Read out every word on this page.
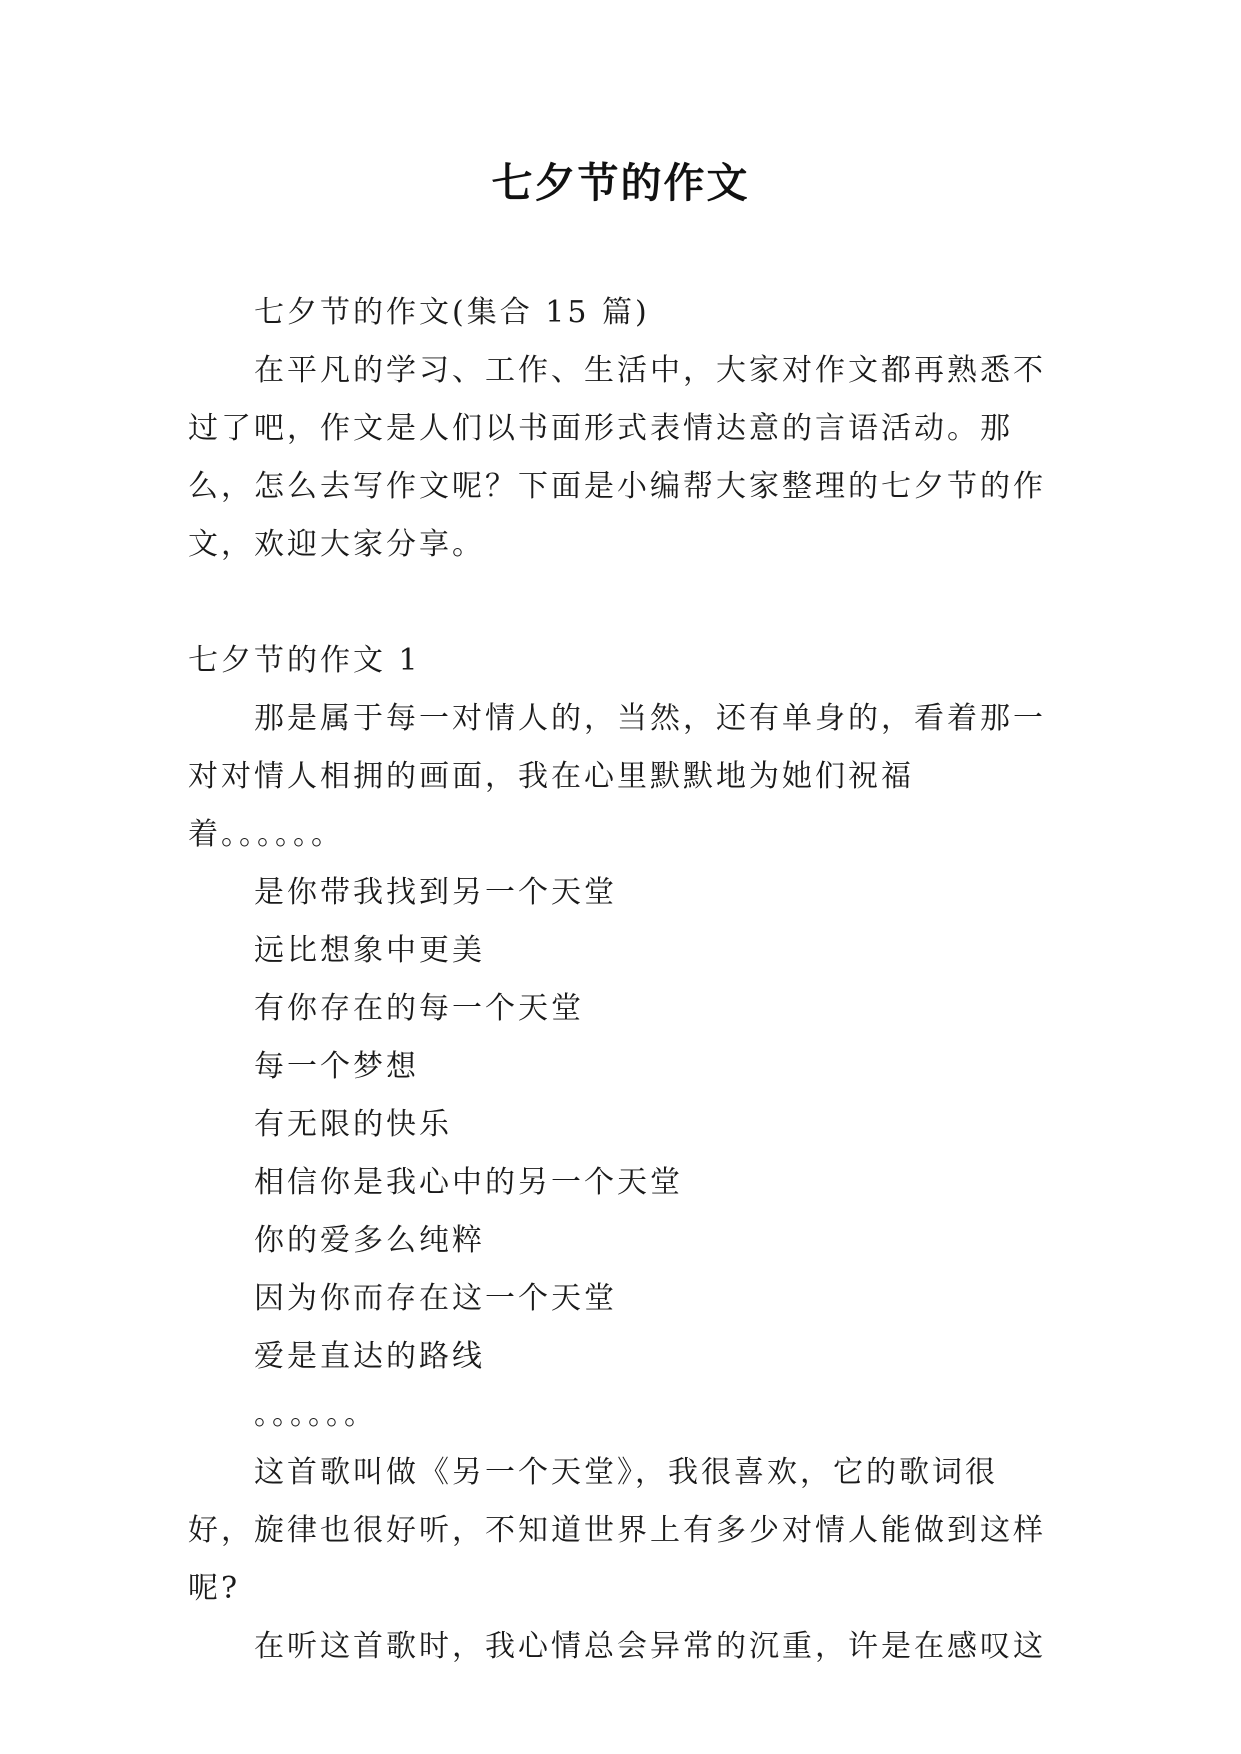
七夕节的作文

七夕节的作文(集合 15 篇)

在平凡的学习、工作、生活中，大家对作文都再熟悉不过了吧，作文是人们以书面形式表情达意的言语活动。那么，怎么去写作文呢？下面是小编帮大家整理的七夕节的作文，欢迎大家分享。

七夕节的作文 1

那是属于每一对情人的，当然，还有单身的，看着那一对对情人相拥的画面，我在心里默默地为她们祝福着。。。。。。

是你带我找到另一个天堂

远比想象中更美

有你存在的每一个天堂

每一个梦想

有无限的快乐

相信你是我心中的另一个天堂

你的爱多么纯粹

因为你而存在这一个天堂

爱是直达的路线

。。。。。。

这首歌叫做《另一个天堂》，我很喜欢，它的歌词很好，旋律也很好听，不知道世界上有多少对情人能做到这样呢?

在听这首歌时，我心情总会异常的沉重，许是在感叹这
